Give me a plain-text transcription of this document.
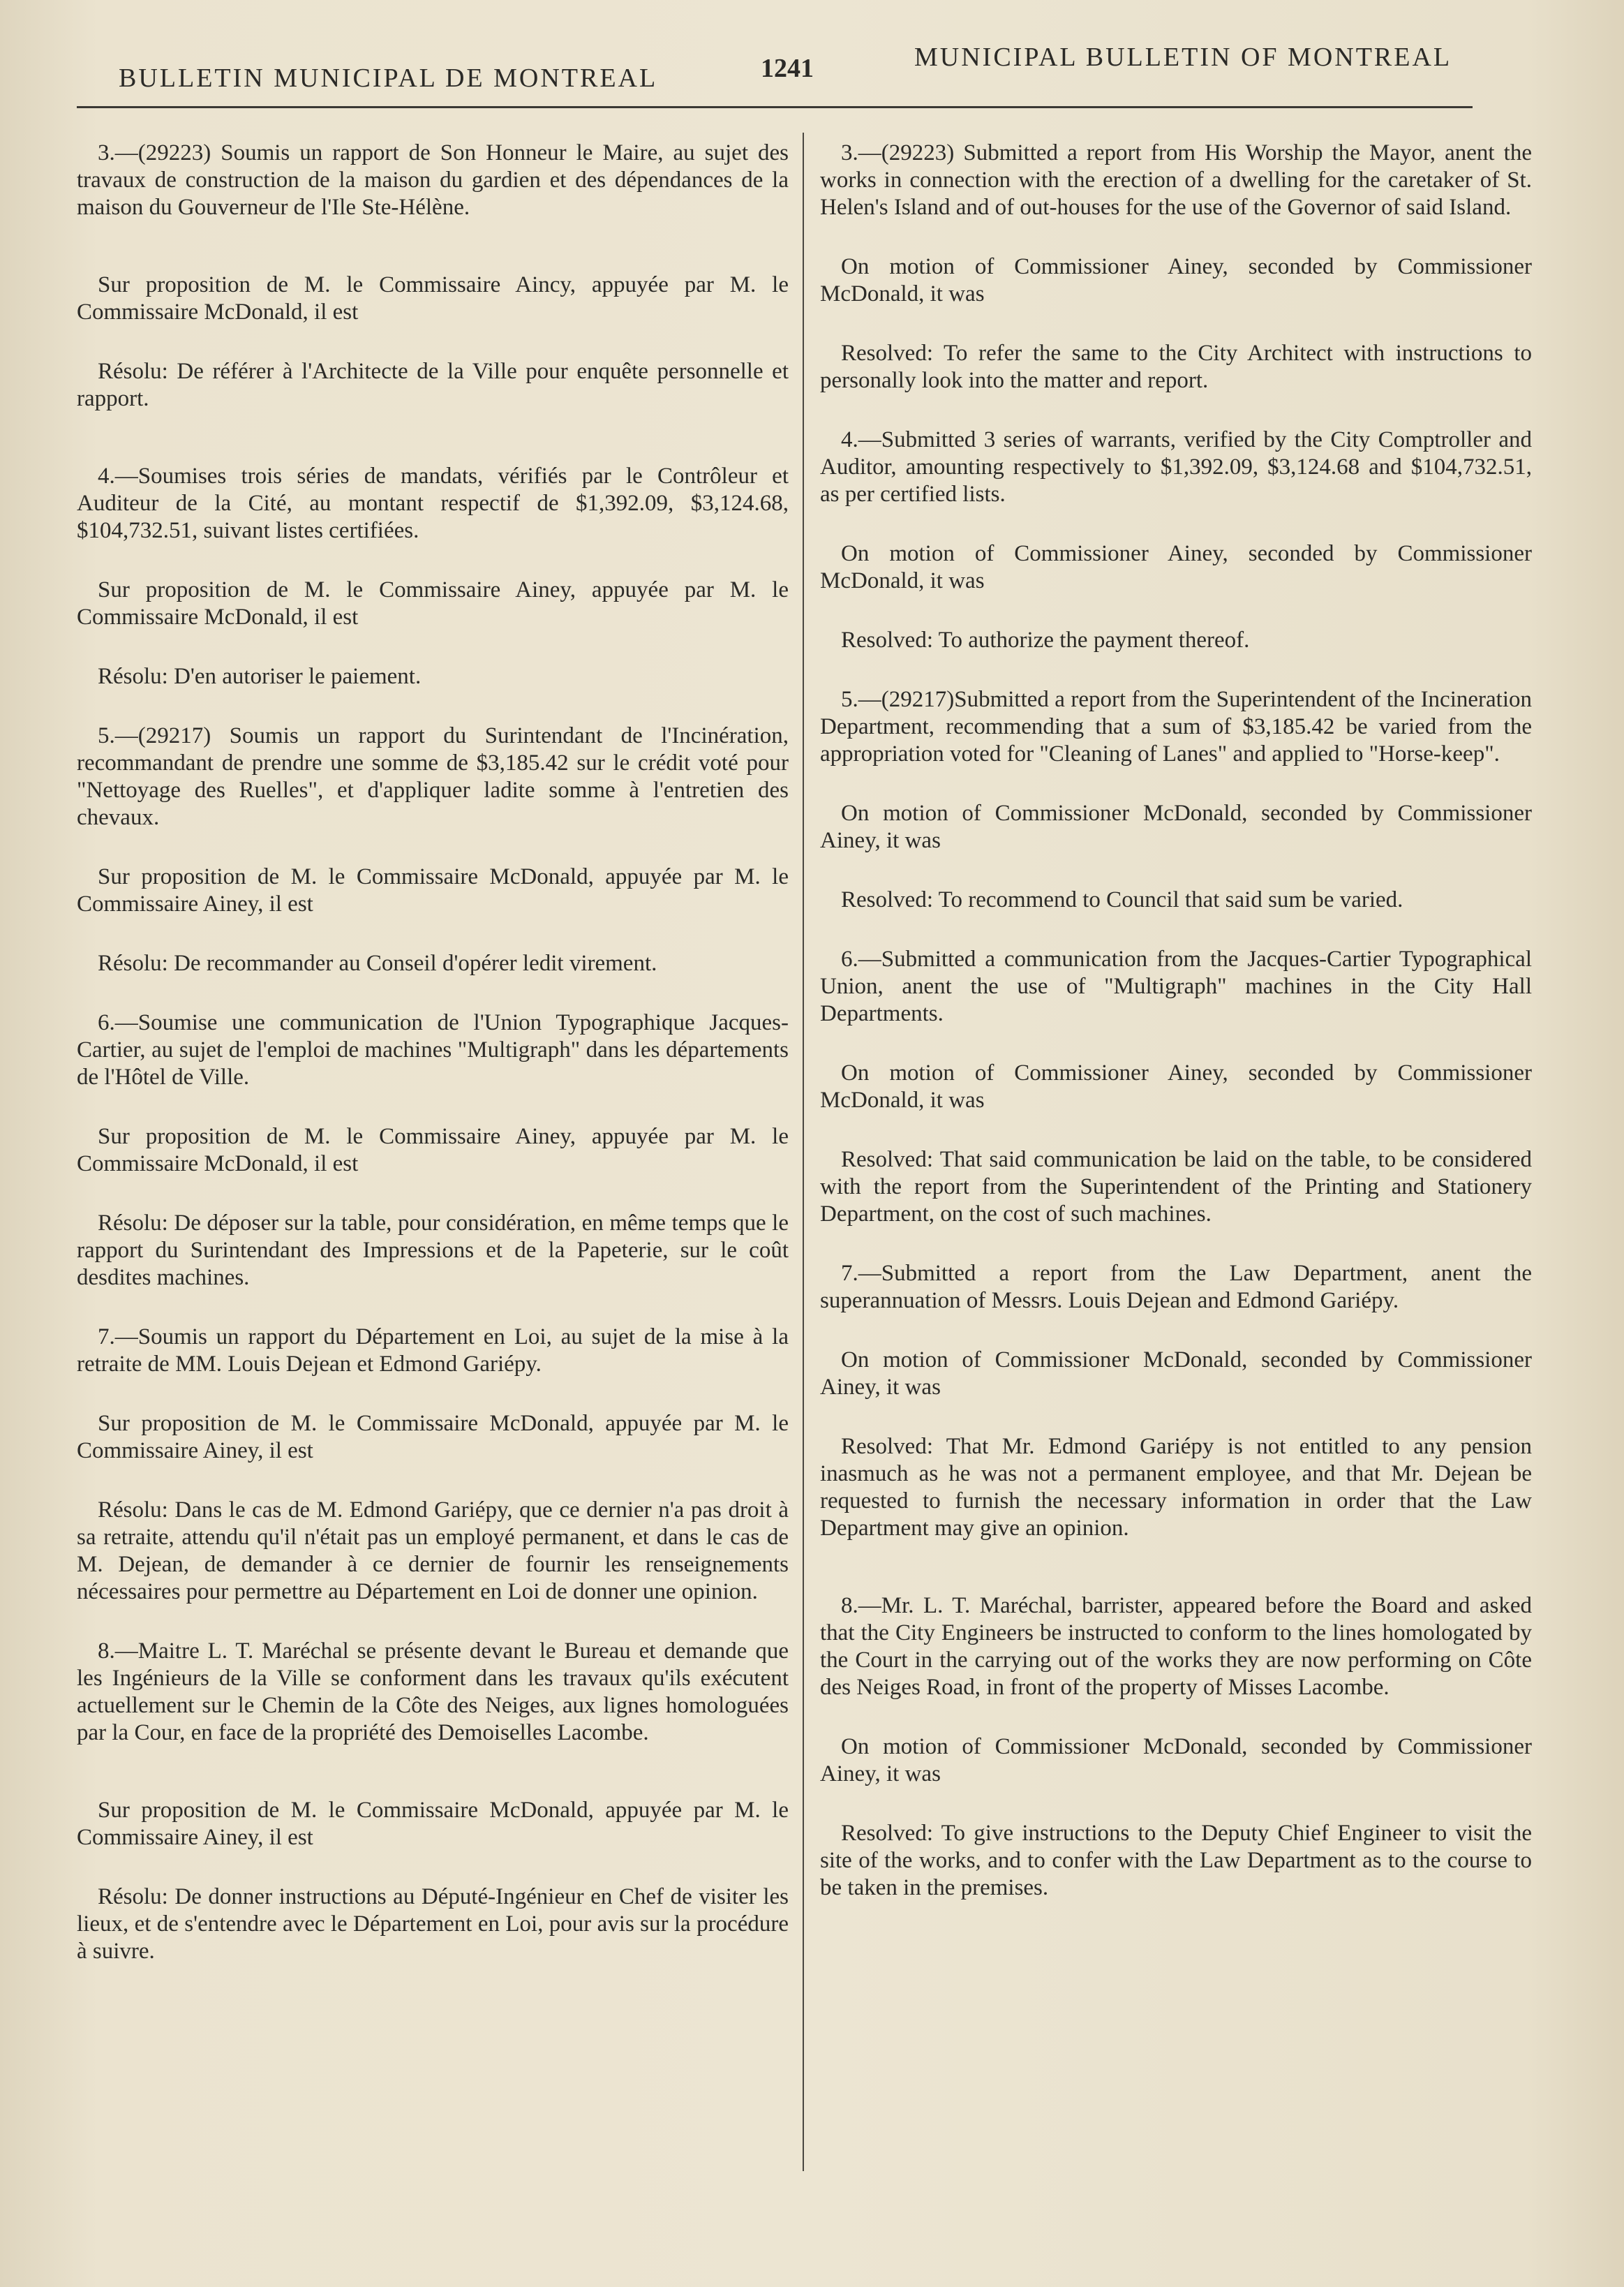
BULLETIN MUNICIPAL DE MONTREAL	1241	MUNICIPAL BULLETIN OF MONTREAL

3.—(29223) Soumis un rapport de Son Honneur le Maire, au sujet des travaux de construction de la maison du gardien et des dépendances de la maison du Gouverneur de l'Ile Ste-Hélène.

Sur proposition de M. le Commissaire Aincy, appuyée par M. le Commissaire McDonald, il est

Résolu: De référer à l'Architecte de la Ville pour enquête personnelle et rapport.

4.—Soumises trois séries de mandats, vérifiés par le Contrôleur et Auditeur de la Cité, au montant respectif de $1,392.09, $3,124.68, $104,732.51, suivant listes certifiées.

Sur proposition de M. le Commissaire Ainey, appuyée par M. le Commissaire McDonald, il est

Résolu: D'en autoriser le paiement.

5.—(29217) Soumis un rapport du Surintendant de l'Incinération, recommandant de prendre une somme de $3,185.42 sur le crédit voté pour "Nettoyage des Ruelles", et d'appliquer ladite somme à l'entretien des chevaux.

Sur proposition de M. le Commissaire McDonald, appuyée par M. le Commissaire Ainey, il est

Résolu: De recommander au Conseil d'opérer ledit virement.

6.—Soumise une communication de l'Union Typographique Jacques-Cartier, au sujet de l'emploi de machines "Multigraph" dans les départements de l'Hôtel de Ville.

Sur proposition de M. le Commissaire Ainey, appuyée par M. le Commissaire McDonald, il est

Résolu: De déposer sur la table, pour considération, en même temps que le rapport du Surintendant des Impressions et de la Papeterie, sur le coût desdites machines.

7.—Soumis un rapport du Département en Loi, au sujet de la mise à la retraite de MM. Louis Dejean et Edmond Gariépy.

Sur proposition de M. le Commissaire McDonald, appuyée par M. le Commissaire Ainey, il est

Résolu: Dans le cas de M. Edmond Gariépy, que ce dernier n'a pas droit à sa retraite, attendu qu'il n'était pas un employé permanent, et dans le cas de M. Dejean, de demander à ce dernier de fournir les renseignements nécessaires pour permettre au Département en Loi de donner une opinion.

8.—Maitre L. T. Maréchal se présente devant le Bureau et demande que les Ingénieurs de la Ville se conforment dans les travaux qu'ils exécutent actuellement sur le Chemin de la Côte des Neiges, aux lignes homologuées par la Cour, en face de la propriété des Demoiselles Lacombe.

Sur proposition de M. le Commissaire McDonald, appuyée par M. le Commissaire Ainey, il est

Résolu: De donner instructions au Député-Ingénieur en Chef de visiter les lieux, et de s'entendre avec le Département en Loi, pour avis sur la procédure à suivre.

3.—(29223) Submitted a report from His Worship the Mayor, anent the works in connection with the erection of a dwelling for the caretaker of St. Helen's Island and of out-houses for the use of the Governor of said Island.

On motion of Commissioner Ainey, seconded by Commissioner McDonald, it was

Resolved: To refer the same to the City Architect with instructions to personally look into the matter and report.

4.—Submitted 3 series of warrants, verified by the City Comptroller and Auditor, amounting respectively to $1,392.09, $3,124.68 and $104,732.51, as per certified lists.

On motion of Commissioner Ainey, seconded by Commissioner McDonald, it was

Resolved: To authorize the payment thereof.

5.—(29217)Submitted a report from the Superintendent of the Incineration Department, recommending that a sum of $3,185.42 be varied from the appropriation voted for "Cleaning of Lanes" and applied to "Horse-keep".

On motion of Commissioner McDonald, seconded by Commissioner Ainey, it was

Resolved: To recommend to Council that said sum be varied.

6.—Submitted a communication from the Jacques-Cartier Typographical Union, anent the use of "Multigraph" machines in the City Hall Departments.

On motion of Commissioner Ainey, seconded by Commissioner McDonald, it was

Resolved: That said communication be laid on the table, to be considered with the report from the Superintendent of the Printing and Stationery Department, on the cost of such machines.

7.—Submitted a report from the Law Department, anent the superannuation of Messrs. Louis Dejean and Edmond Gariépy.

On motion of Commissioner McDonald, seconded by Commissioner Ainey, it was

Resolved: That Mr. Edmond Gariépy is not entitled to any pension inasmuch as he was not a permanent employee, and that Mr. Dejean be requested to furnish the necessary information in order that the Law Department may give an opinion.

8.—Mr. L. T. Maréchal, barrister, appeared before the Board and asked that the City Engineers be instructed to conform to the lines homologated by the Court in the carrying out of the works they are now performing on Côte des Neiges Road, in front of the property of Misses Lacombe.

On motion of Commissioner McDonald, seconded by Commissioner Ainey, it was

Resolved: To give instructions to the Deputy Chief Engineer to visit the site of the works, and to confer with the Law Department as to the course to be taken in the premises.
